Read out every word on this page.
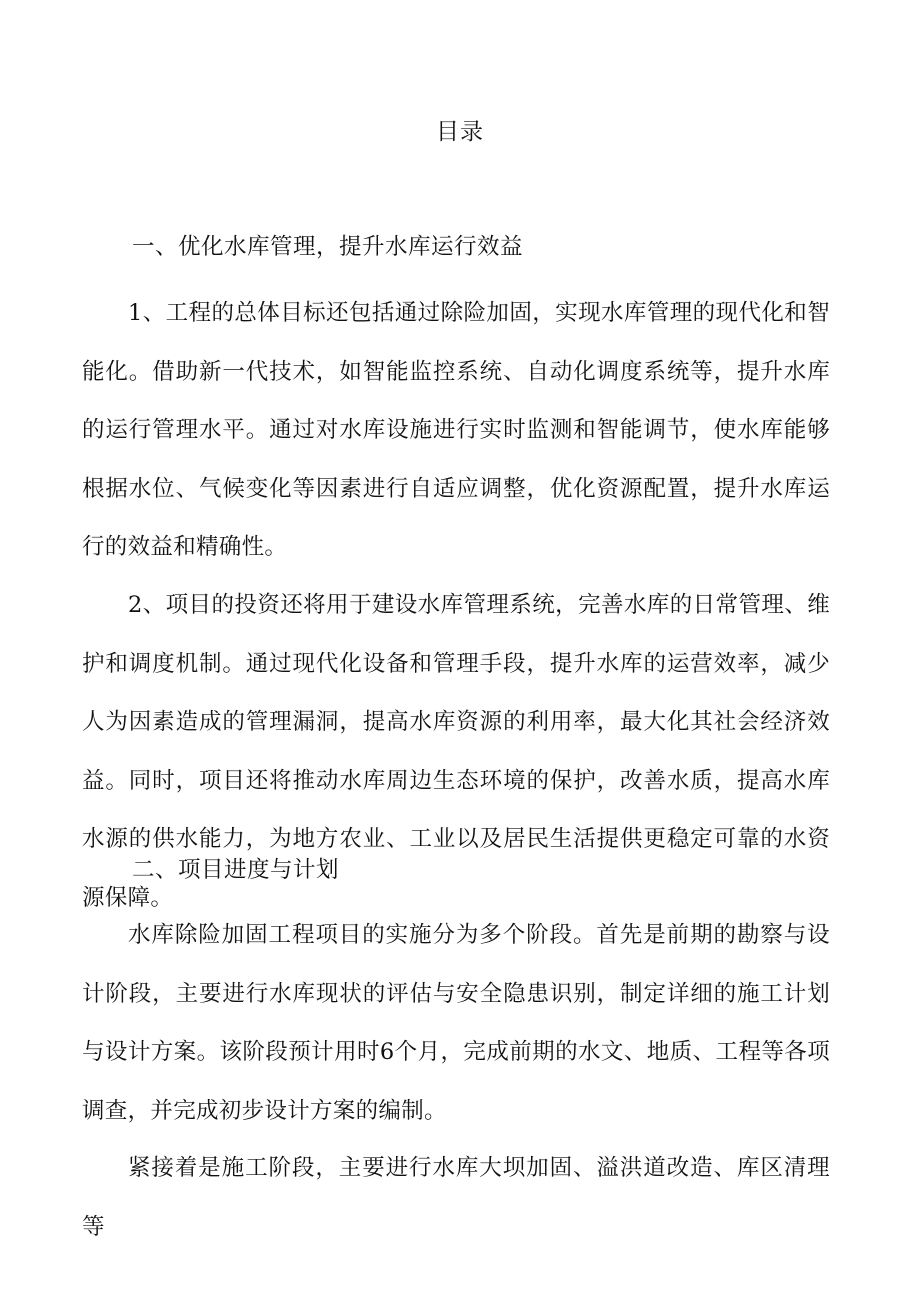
目录
一、优化水库管理，提升水库运行效益

1、工程的总体目标还包括通过除险加固，实现水库管理的现代化和智能化。借助新一代技术，如智能监控系统、自动化调度系统等，提升水库的运行管理水平。通过对水库设施进行实时监测和智能调节，使水库能够根据水位、气候变化等因素进行自适应调整，优化资源配置，提升水库运行的效益和精确性。

2、项目的投资还将用于建设水库管理系统，完善水库的日常管理、维护和调度机制。通过现代化设备和管理手段，提升水库的运营效率，减少人为因素造成的管理漏洞，提高水库资源的利用率，最大化其社会经济效益。同时，项目还将推动水库周边生态环境的保护，改善水质，提高水库水源的供水能力，为地方农业、工业以及居民生活提供更稳定可靠的水资源保障。

二、项目进度与计划

水库除险加固工程项目的实施分为多个阶段。首先是前期的勘察与设计阶段，主要进行水库现状的评估与安全隐患识别，制定详细的施工计划与设计方案。该阶段预计用时6个月，完成前期的水文、地质、工程等各项调查，并完成初步设计方案的编制。

紧接着是施工阶段，主要进行水库大坝加固、溢洪道改造、库区清理等
